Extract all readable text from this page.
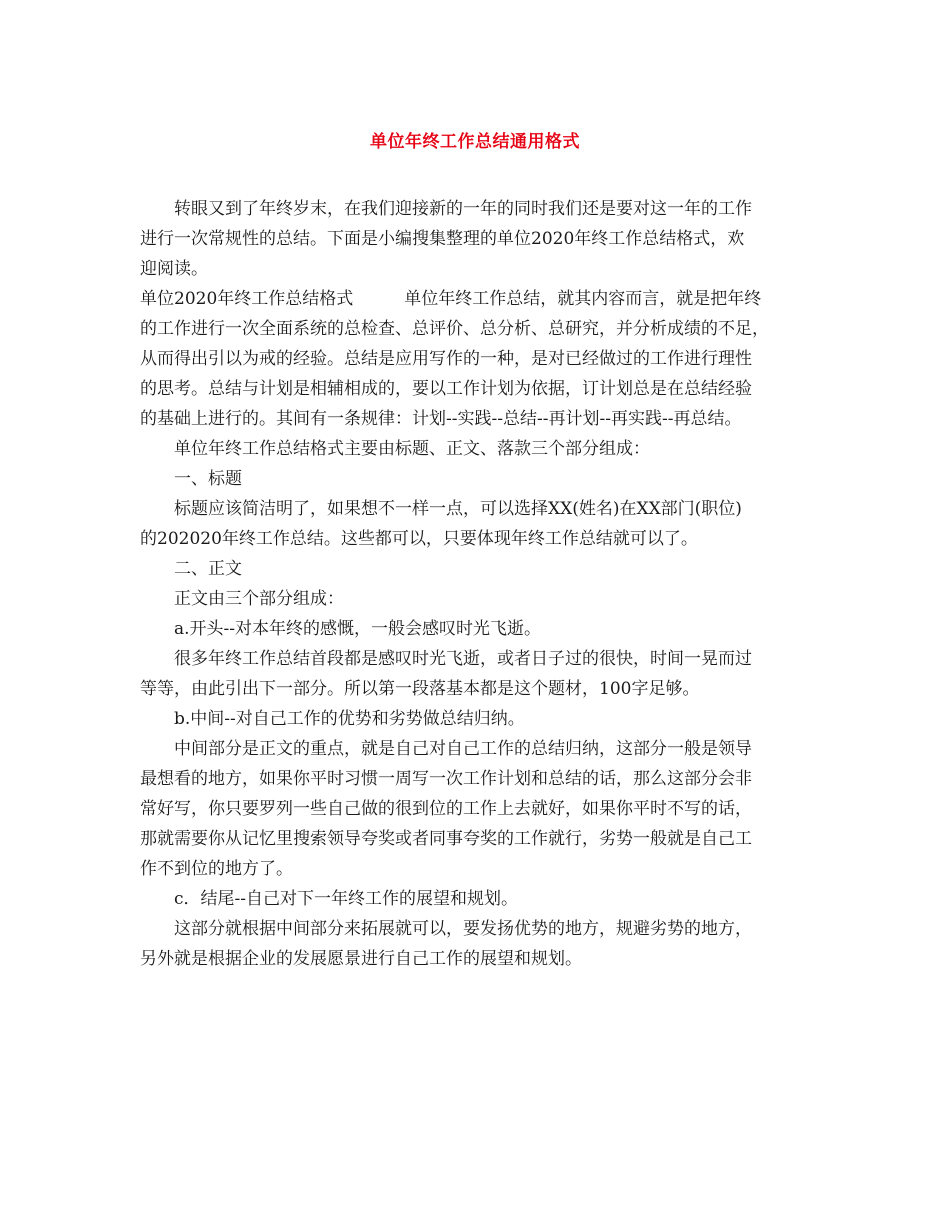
单位年终工作总结通用格式
转眼又到了年终岁末，在我们迎接新的一年的同时我们还是要对这一年的工作
进行一次常规性的总结。下面是小编搜集整理的单位2020年终工作总结格式，欢
迎阅读。
单位2020年终工作总结格式　　　单位年终工作总结，就其内容而言，就是把年终
的工作进行一次全面系统的总检查、总评价、总分析、总研究，并分析成绩的不足，
从而得出引以为戒的经验。总结是应用写作的一种，是对已经做过的工作进行理性
的思考。总结与计划是相辅相成的，要以工作计划为依据，订计划总是在总结经验
的基础上进行的。其间有一条规律：计划--实践--总结--再计划--再实践--再总结。
单位年终工作总结格式主要由标题、正文、落款三个部分组成：
一、标题
标题应该简洁明了，如果想不一样一点，可以选择XX(姓名)在XX部门(职位)
的202020年终工作总结。这些都可以，只要体现年终工作总结就可以了。
二、正文
正文由三个部分组成：
a.开头--对本年终的感慨，一般会感叹时光飞逝。
很多年终工作总结首段都是感叹时光飞逝，或者日子过的很快，时间一晃而过
等等，由此引出下一部分。所以第一段落基本都是这个题材，100字足够。
b.中间--对自己工作的优势和劣势做总结归纳。
中间部分是正文的重点，就是自己对自己工作的总结归纳，这部分一般是领导
最想看的地方，如果你平时习惯一周写一次工作计划和总结的话，那么这部分会非
常好写，你只要罗列一些自己做的很到位的工作上去就好，如果你平时不写的话，
那就需要你从记忆里搜索领导夸奖或者同事夸奖的工作就行，劣势一般就是自己工
作不到位的地方了。
c．结尾--自己对下一年终工作的展望和规划。
这部分就根据中间部分来拓展就可以，要发扬优势的地方，规避劣势的地方，
另外就是根据企业的发展愿景进行自己工作的展望和规划。
